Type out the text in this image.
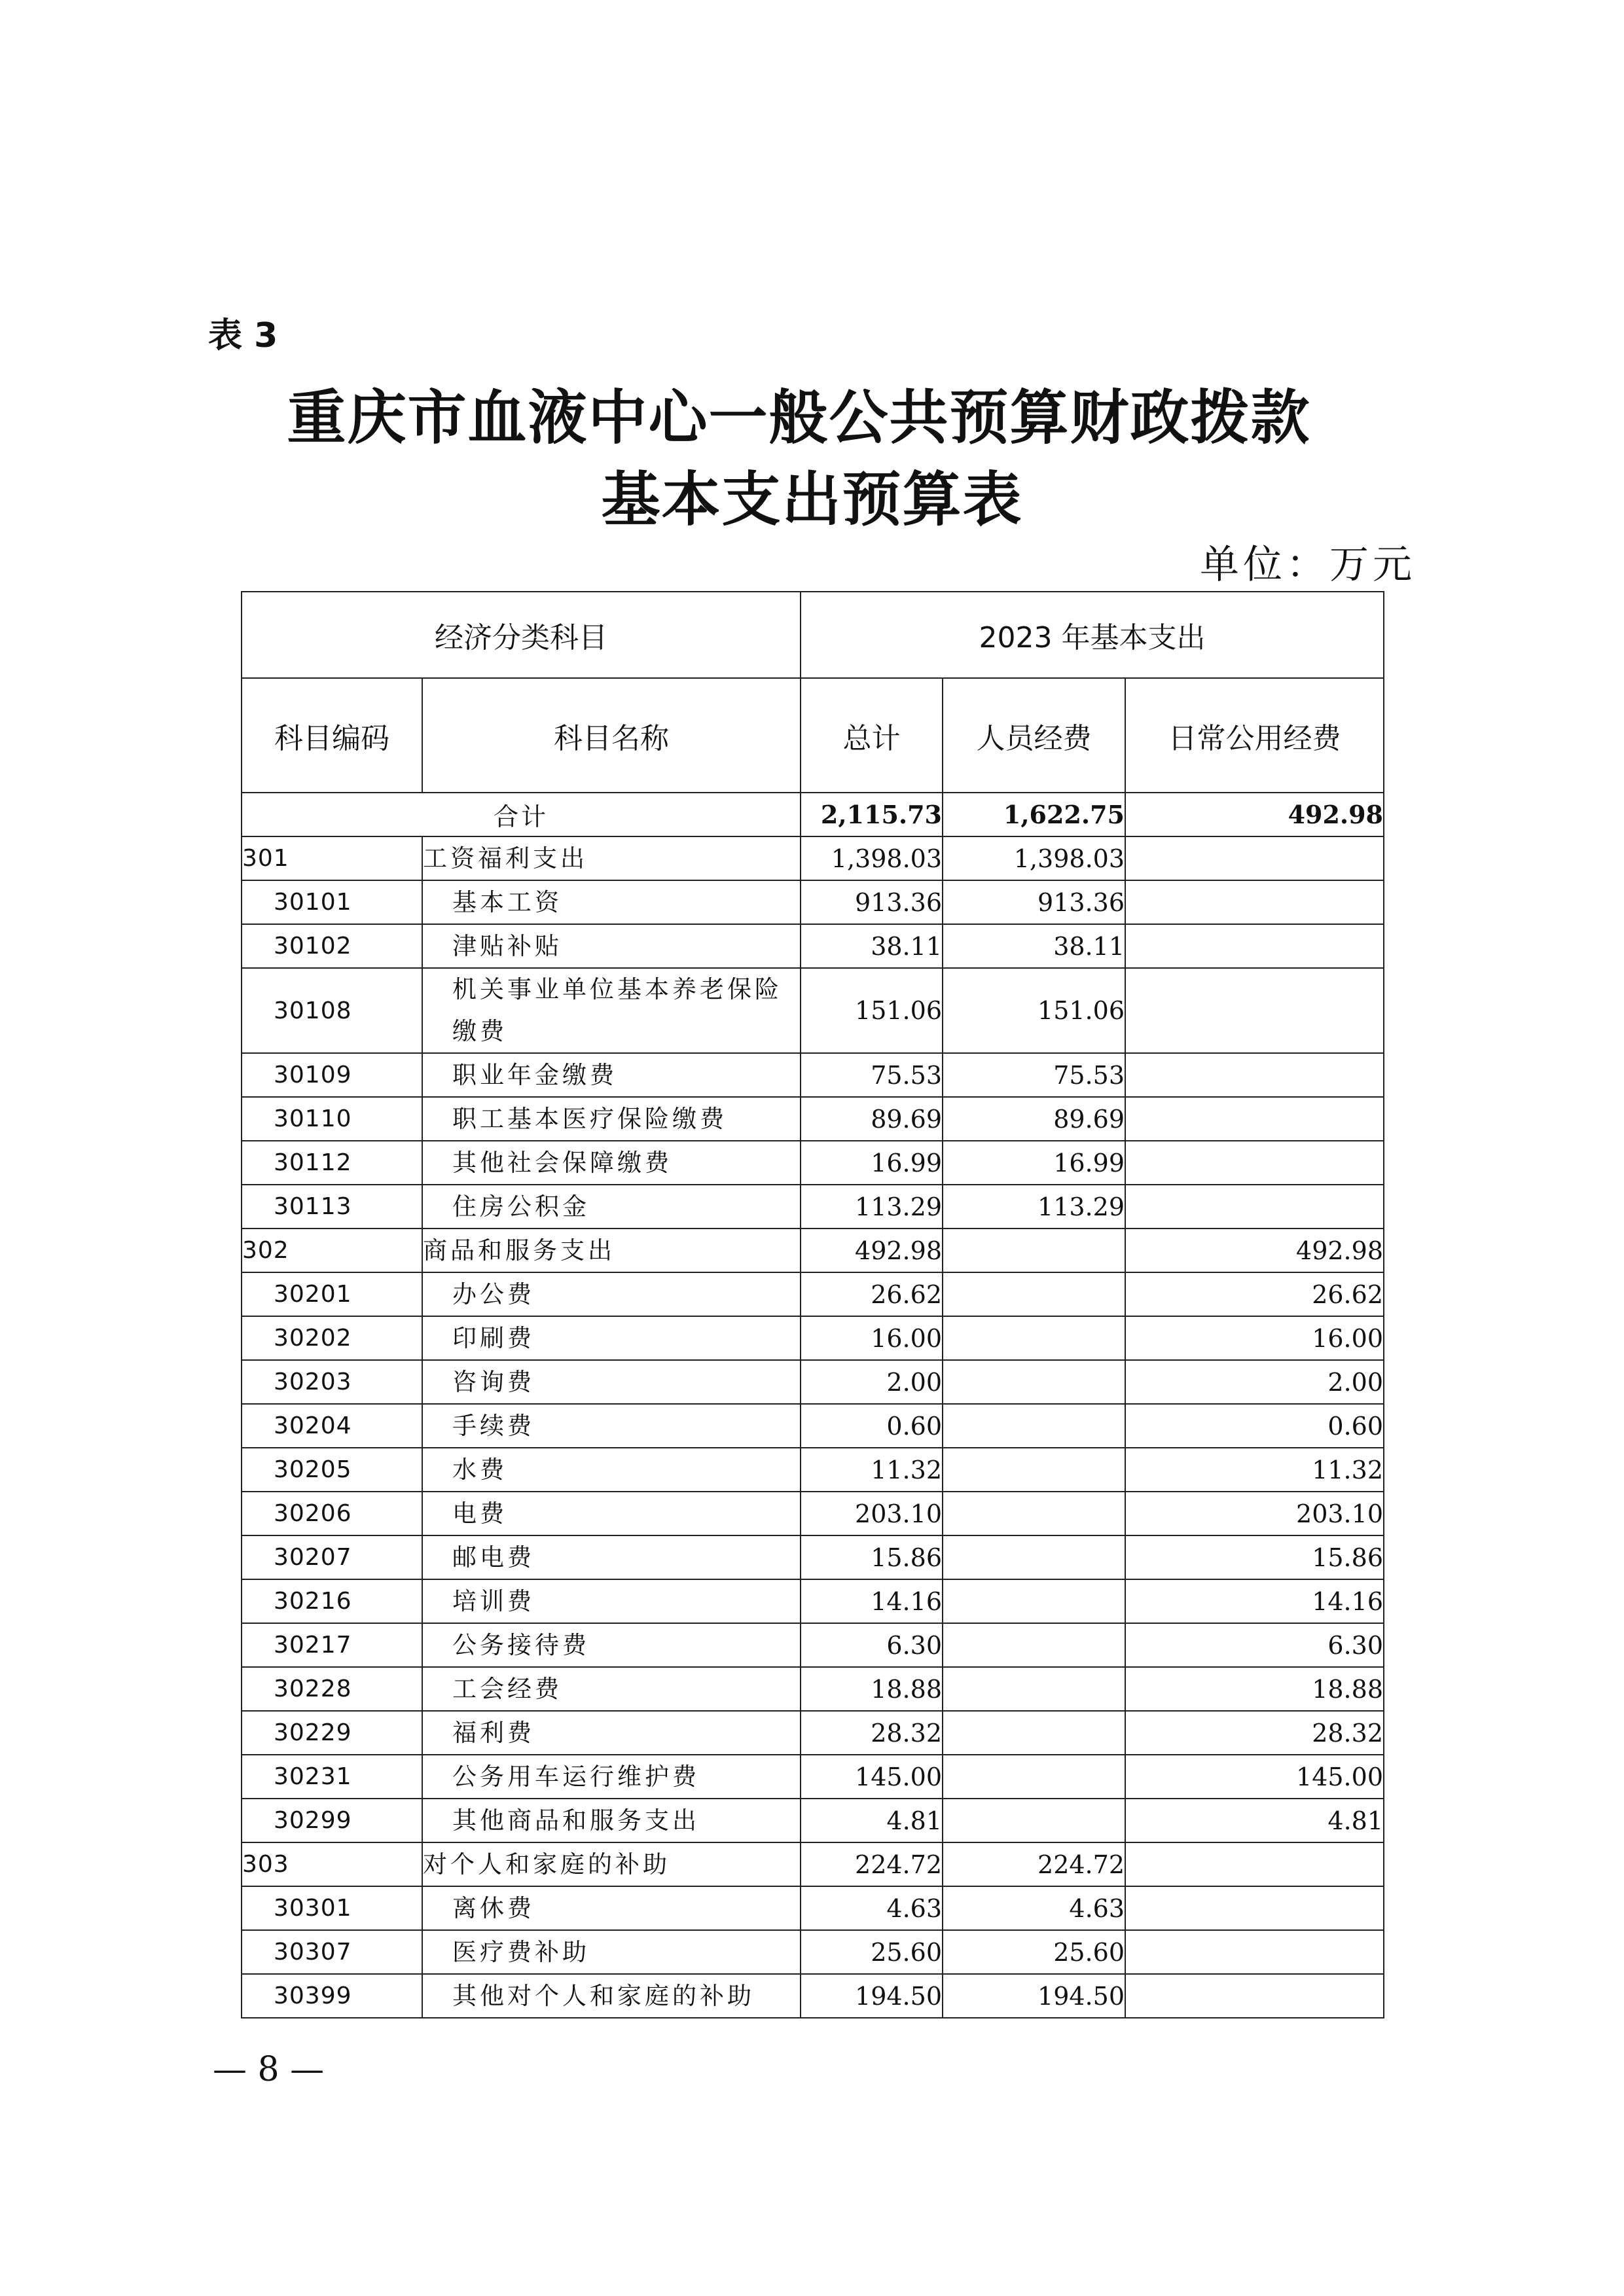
表 3
重庆市血液中心一般公共预算财政拨款
基本支出预算表
单位：万元
经济分类科目		2023 年基本支出		
科目编码	科目名称	总计	人员经费	日常公用经费
合计		2,115.73	1,622.75	492.98
301	工资福利支出	1,398.03	1,398.03	
30101	基本工资	913.36	913.36	
30102	津贴补贴	38.11	38.11	
30108	机关事业单位基本养老保险缴费	151.06	151.06	
30109	职业年金缴费	75.53	75.53	
30110	职工基本医疗保险缴费	89.69	89.69	
30112	其他社会保障缴费	16.99	16.99	
30113	住房公积金	113.29	113.29	
302	商品和服务支出	492.98		492.98
30201	办公费	26.62		26.62
30202	印刷费	16.00		16.00
30203	咨询费	2.00		2.00
30204	手续费	0.60		0.60
30205	水费	11.32		11.32
30206	电费	203.10		203.10
30207	邮电费	15.86		15.86
30216	培训费	14.16		14.16
30217	公务接待费	6.30		6.30
30228	工会经费	18.88		18.88
30229	福利费	28.32		28.32
30231	公务用车运行维护费	145.00		145.00
30299	其他商品和服务支出	4.81		4.81
303	对个人和家庭的补助	224.72	224.72	
30301	离休费	4.63	4.63	
30307	医疗费补助	25.60	25.60	
30399	其他对个人和家庭的补助	194.50	194.50	
— 8 —
